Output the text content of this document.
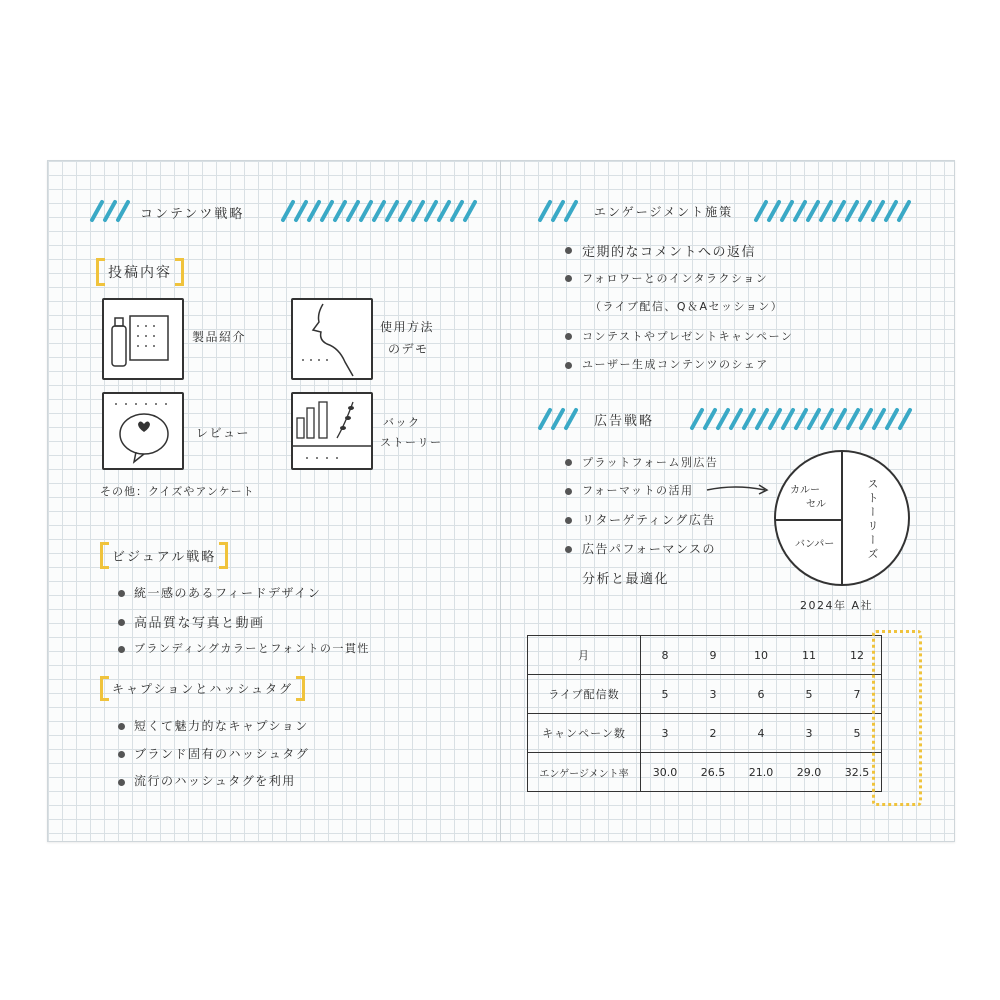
コンテンツ戦略
投稿内容
製品紹介
使用方法
のデモ
レビュー
バック
ストーリー
その他：クイズやアンケート
ビジュアル戦略
統一感のあるフィードデザイン
高品質な写真と動画
ブランディングカラーとフォントの一貫性
キャプションとハッシュタグ
短くて魅力的なキャプション
ブランド固有のハッシュタグ
流行のハッシュタグを利用
エンゲージメント施策
定期的なコメントへの返信
フォロワーとのインタラクション
（ライブ配信、Q＆Aセッション）
コンテストやプレゼントキャンペーン
ユーザー生成コンテンツのシェア
広告戦略
プラットフォーム別広告
フォーマットの活用
リターゲティング広告
広告パフォーマンスの
分析と最適化
カルー
セル
バンパー	ストーリーズ
2024年 A社
月	8	9	10	11	12
ライブ配信数	5	3	6	5	7
キャンペーン数	3	2	4	3	5
エンゲージメント率	30.0	26.5	21.0	29.0	32.5
